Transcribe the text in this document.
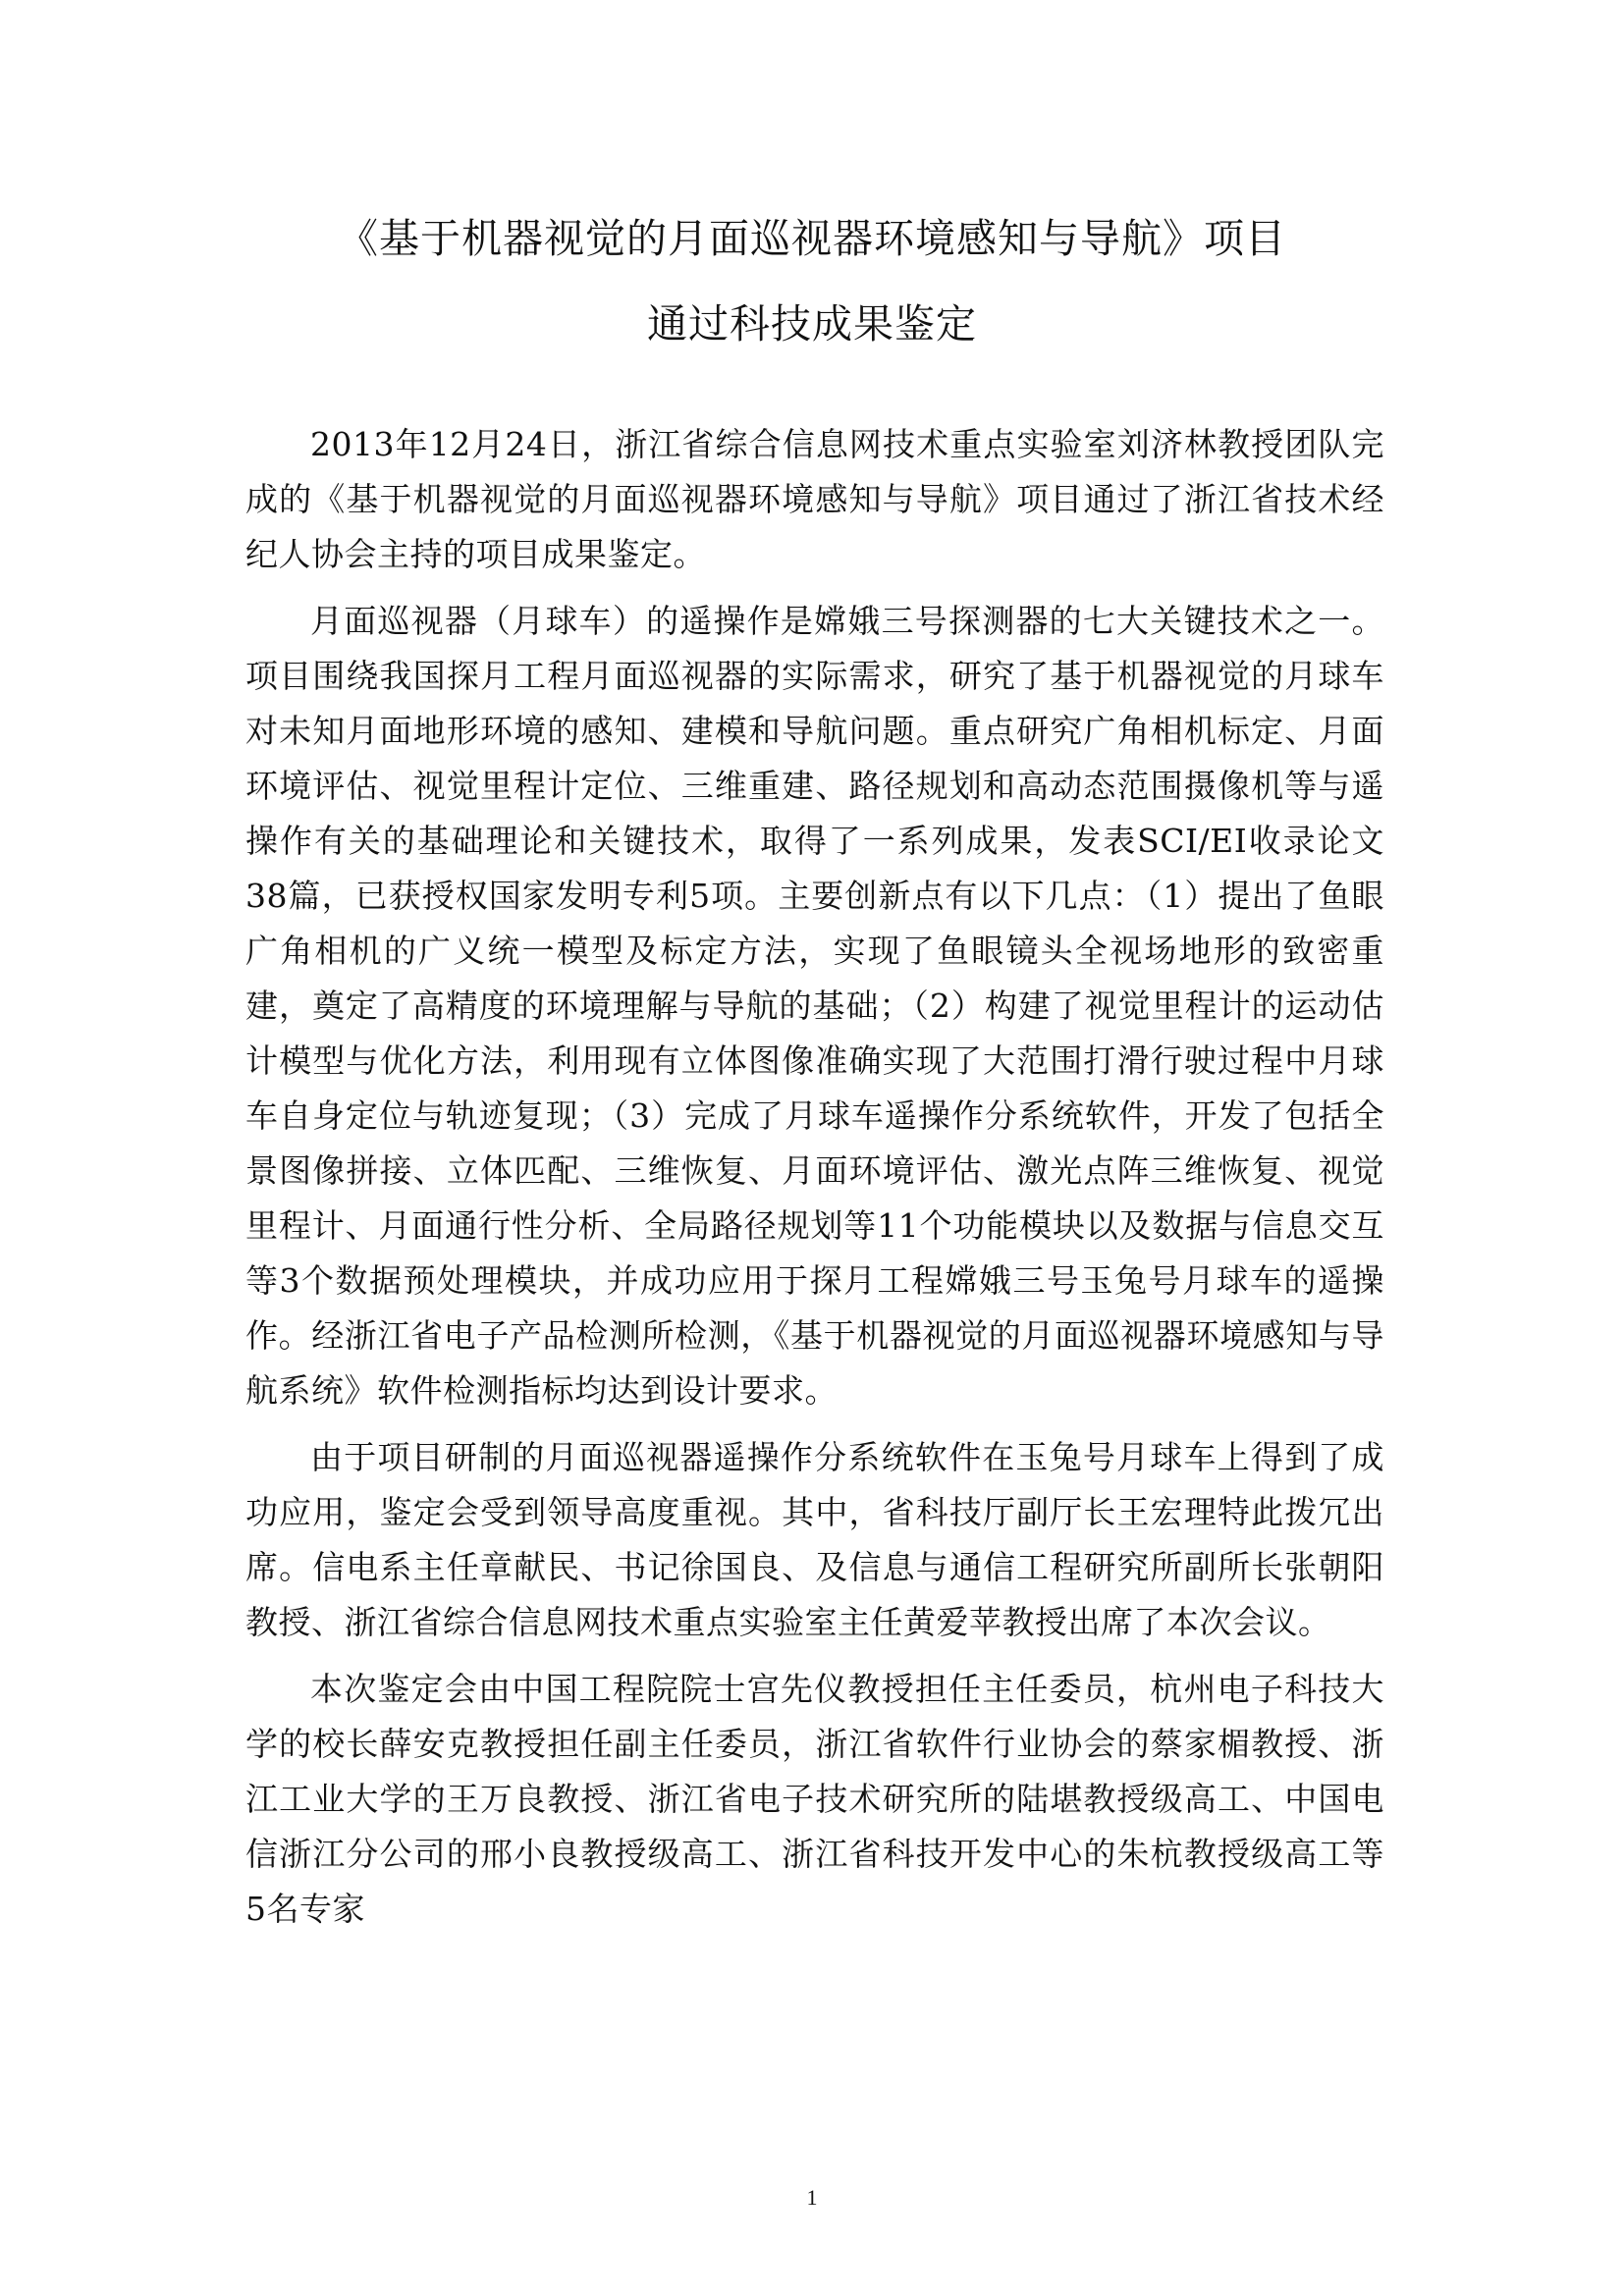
《基于机器视觉的月面巡视器环境感知与导航》项目
通过科技成果鉴定

2013年12月24日，浙江省综合信息网技术重点实验室刘济林教授团队完成的《基于机器视觉的月面巡视器环境感知与导航》项目通过了浙江省技术经纪人协会主持的项目成果鉴定。

月面巡视器（月球车）的遥操作是嫦娥三号探测器的七大关键技术之一。项目围绕我国探月工程月面巡视器的实际需求，研究了基于机器视觉的月球车对未知月面地形环境的感知、建模和导航问题。重点研究广角相机标定、月面环境评估、视觉里程计定位、三维重建、路径规划和高动态范围摄像机等与遥操作有关的基础理论和关键技术，取得了一系列成果，发表SCI/EI收录论文38篇，已获授权国家发明专利5项。主要创新点有以下几点：（1）提出了鱼眼广角相机的广义统一模型及标定方法，实现了鱼眼镜头全视场地形的致密重建，奠定了高精度的环境理解与导航的基础；（2）构建了视觉里程计的运动估计模型与优化方法，利用现有立体图像准确实现了大范围打滑行驶过程中月球车自身定位与轨迹复现；（3）完成了月球车遥操作分系统软件，开发了包括全景图像拼接、立体匹配、三维恢复、月面环境评估、激光点阵三维恢复、视觉里程计、月面通行性分析、全局路径规划等11个功能模块以及数据与信息交互等3个数据预处理模块，并成功应用于探月工程嫦娥三号玉兔号月球车的遥操作。经浙江省电子产品检测所检测，《基于机器视觉的月面巡视器环境感知与导航系统》软件检测指标均达到设计要求。

由于项目研制的月面巡视器遥操作分系统软件在玉兔号月球车上得到了成功应用，鉴定会受到领导高度重视。其中，省科技厅副厅长王宏理特此拨冗出席。信电系主任章献民、书记徐国良、及信息与通信工程研究所副所长张朝阳教授、浙江省综合信息网技术重点实验室主任黄爱苹教授出席了本次会议。

本次鉴定会由中国工程院院士宫先仪教授担任主任委员，杭州电子科技大学的校长薛安克教授担任副主任委员，浙江省软件行业协会的蔡家楣教授、浙江工业大学的王万良教授、浙江省电子技术研究所的陆堪教授级高工、中国电信浙江分公司的邢小良教授级高工、浙江省科技开发中心的朱杭教授级高工等5名专家

1
